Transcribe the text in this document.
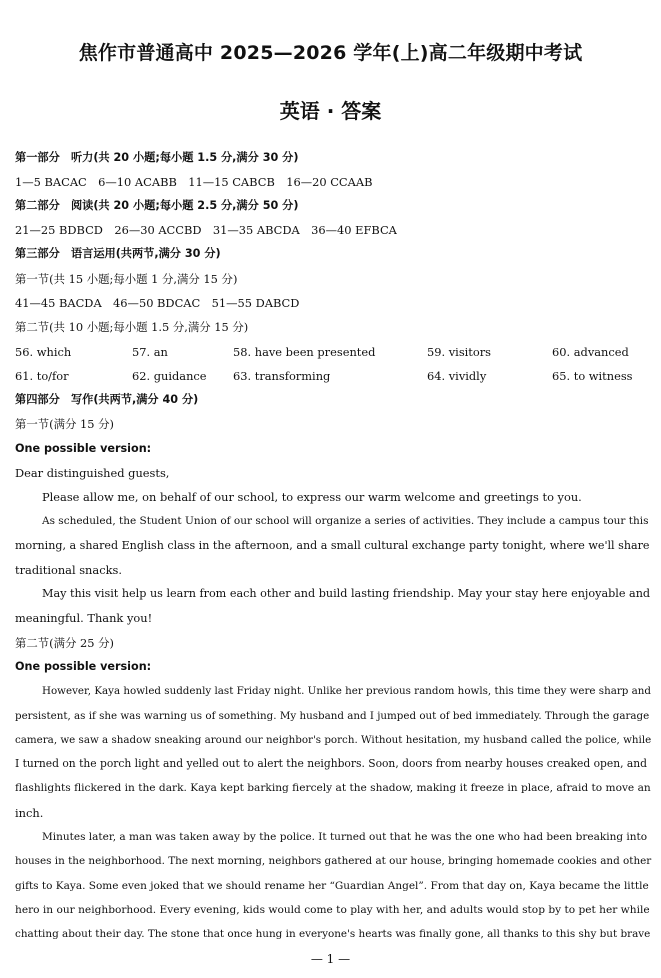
焦作市普通高中 2025—2026 学年(上)高二年级期中考试
英语 · 答案
第一部分　听力(共 20 小题;每小题 1.5 分,满分 30 分)
1—5 BACAC　6—10 ACABB　11—15 CABCB　16—20 CCAAB
第二部分　阅读(共 20 小题;每小题 2.5 分,满分 50 分)
21—25 BDBCD　26—30 ACCBD　31—35 ABCDA　36—40 EFBCA
第三部分　语言运用(共两节,满分 30 分)
第一节(共 15 小题;每小题 1 分,满分 15 分)
41—45 BACDA　46—50 BDCAC　51—55 DABCD
第二节(共 10 小题;每小题 1.5 分,满分 15 分)
56. which	57. an	58. have been presented	59. visitors	60. advanced
61. to/for	62. guidance 63. transforming	64. vividly	65. to witness
第四部分　写作(共两节,满分 40 分)
第一节(满分 15 分)
One possible version:
Dear distinguished guests,
Please allow me, on behalf of our school, to express our warm welcome and greetings to you.
As scheduled, the Student Union of our school will organize a series of activities. They include a campus tour this
morning, a shared English class in the afternoon, and a small cultural exchange party tonight, where we'll share
traditional snacks.
May this visit help us learn from each other and build lasting friendship. May your stay here enjoyable and
meaningful. Thank you!
第二节(满分 25 分)
One possible version:
However, Kaya howled suddenly last Friday night. Unlike her previous random howls, this time they were sharp and
persistent, as if she was warning us of something. My husband and I jumped out of bed immediately. Through the garage
camera, we saw a shadow sneaking around our neighbor's porch. Without hesitation, my husband called the police, while
I turned on the porch light and yelled out to alert the neighbors. Soon, doors from nearby houses creaked open, and
flashlights flickered in the dark. Kaya kept barking fiercely at the shadow, making it freeze in place, afraid to move an
inch.
Minutes later, a man was taken away by the police. It turned out that he was the one who had been breaking into
houses in the neighborhood. The next morning, neighbors gathered at our house, bringing homemade cookies and other
gifts to Kaya. Some even joked that we should rename her “Guardian Angel”. From that day on, Kaya became the little
hero in our neighborhood. Every evening, kids would come to play with her, and adults would stop by to pet her while
chatting about their day. The stone that once hung in everyone's hearts was finally gone, all thanks to this shy but brave
— 1 —
